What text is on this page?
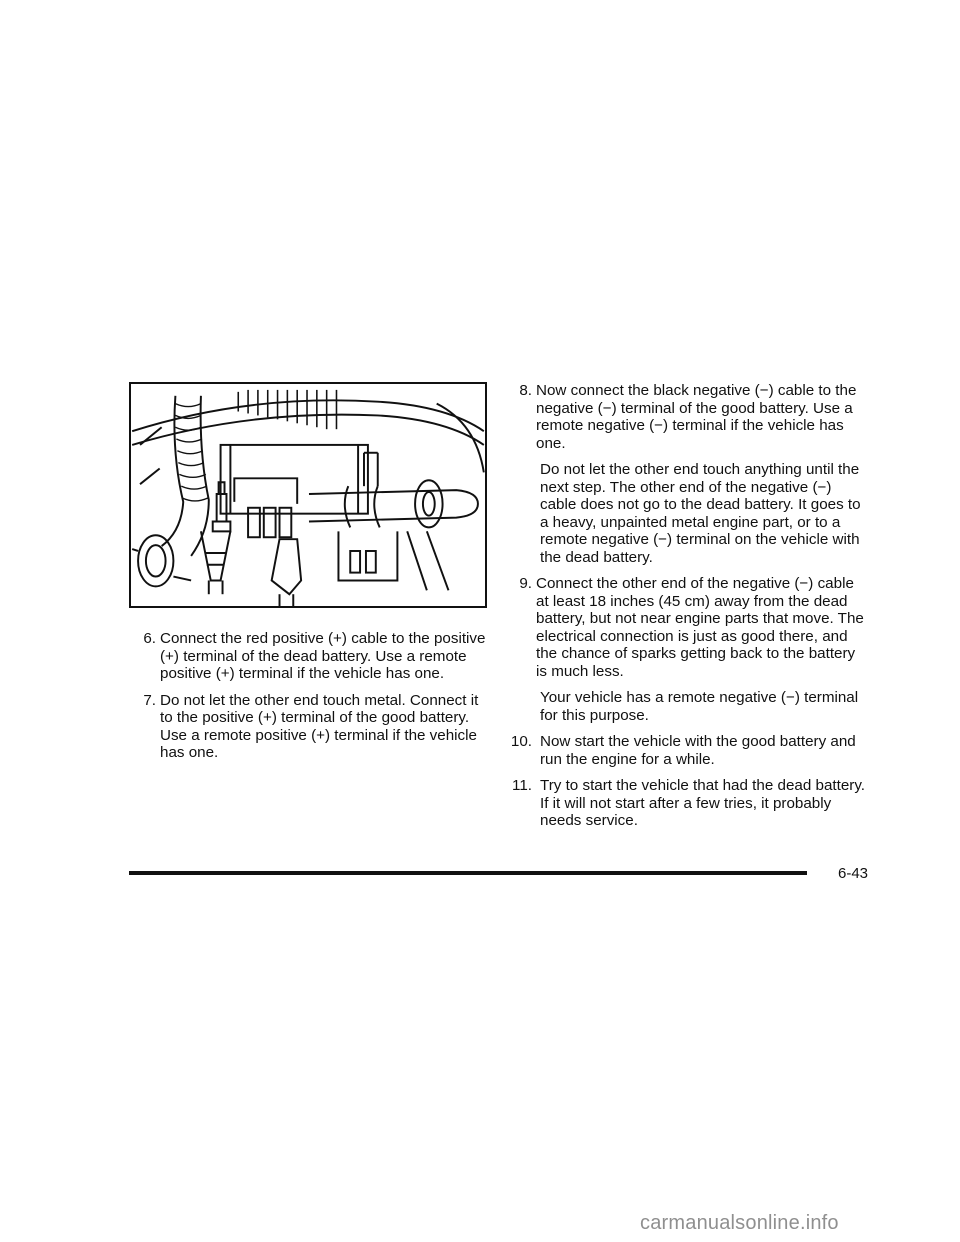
6. Connect the red positive (+) cable to the positive (+) terminal of the dead battery. Use a remote positive (+) terminal if the vehicle has one.
7. Do not let the other end touch metal. Connect it to the positive (+) terminal of the good battery. Use a remote positive (+) terminal if the vehicle has one.
8. Now connect the black negative (−) cable to the negative (−) terminal of the good battery. Use a remote negative (−) terminal if the vehicle has one.
Do not let the other end touch anything until the next step. The other end of the negative (−) cable does not go to the dead battery. It goes to a heavy, unpainted metal engine part, or to a remote negative (−) terminal on the vehicle with the dead battery.
9. Connect the other end of the negative (−) cable at least 18 inches (45 cm) away from the dead battery, but not near engine parts that move. The electrical connection is just as good there, and the chance of sparks getting back to the battery is much less.
Your vehicle has a remote negative (−) terminal for this purpose.
10. Now start the vehicle with the good battery and run the engine for a while.
11. Try to start the vehicle that had the dead battery. If it will not start after a few tries, it probably needs service.
6-43
carmanualsonline.info
